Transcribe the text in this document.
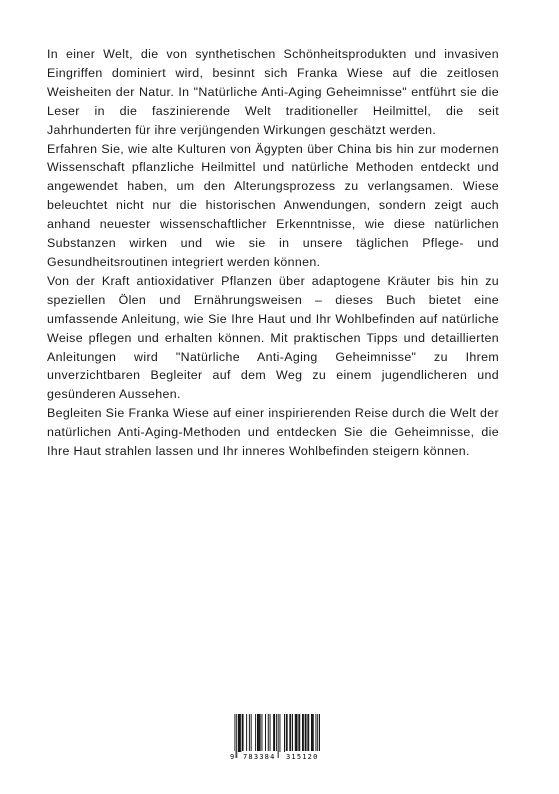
In einer Welt, die von synthetischen Schönheitsprodukten und invasiven Eingriffen dominiert wird, besinnt sich Franka Wiese auf die zeitlosen Weisheiten der Natur. In "Natürliche Anti-Aging Geheimnisse" entführt sie die Leser in die faszinierende Welt traditioneller Heilmittel, die seit Jahrhunderten für ihre verjüngenden Wirkungen geschätzt werden.

Erfahren Sie, wie alte Kulturen von Ägypten über China bis hin zur modernen Wissenschaft pflanzliche Heilmittel und natürliche Methoden entdeckt und angewendet haben, um den Alterungsprozess zu verlangsamen. Wiese beleuchtet nicht nur die historischen Anwendungen, sondern zeigt auch anhand neuester wissenschaftlicher Erkenntnisse, wie diese natürlichen Substanzen wirken und wie sie in unsere täglichen Pflege- und Gesundheitsroutinen integriert werden können.

Von der Kraft antioxidativer Pflanzen über adaptogene Kräuter bis hin zu speziellen Ölen und Ernährungsweisen – dieses Buch bietet eine umfassende Anleitung, wie Sie Ihre Haut und Ihr Wohlbefinden auf natürliche Weise pflegen und erhalten können. Mit praktischen Tipps und detaillierten Anleitungen wird "Natürliche Anti-Aging Geheimnisse" zu Ihrem unverzichtbaren Begleiter auf dem Weg zu einem jugendlicheren und gesünderen Aussehen.

Begleiten Sie Franka Wiese auf einer inspirierenden Reise durch die Welt der natürlichen Anti-Aging-Methoden und entdecken Sie die Geheimnisse, die Ihre Haut strahlen lassen und Ihr inneres Wohlbefinden steigern können.

9 783384 315120
